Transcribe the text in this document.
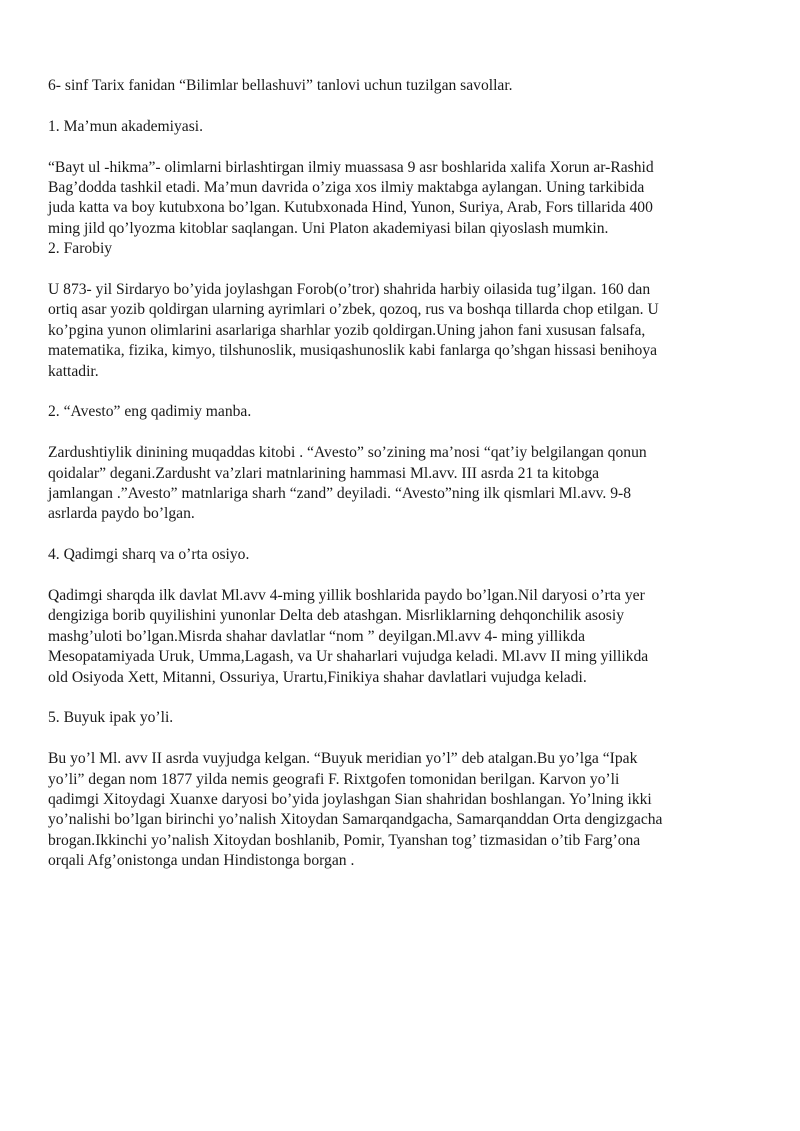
6- sinf Tarix fanidan “Bilimlar bellashuvi” tanlovi uchun tuzilgan savollar.

1. Ma’mun akademiyasi.

“Bayt ul -hikma”- olimlarni birlashtirgan ilmiy muassasa 9 asr boshlarida xalifa Xorun ar-Rashid
Bag’dodda tashkil etadi. Ma’mun davrida o’ziga xos ilmiy maktabga aylangan. Uning tarkibida
juda katta va boy kutubxona bo’lgan. Kutubxonada Hind, Yunon, Suriya, Arab, Fors tillarida 400
ming jild qo’lyozma kitoblar saqlangan. Uni Platon akademiyasi bilan qiyoslash mumkin.

2. Farobiy

U 873- yil Sirdaryo bo’yida joylashgan Forob(o’tror) shahrida harbiy oilasida tug’ilgan. 160 dan
ortiq asar yozib qoldirgan ularning ayrimlari o’zbek, qozoq, rus va boshqa tillarda chop etilgan. U
ko’pgina yunon olimlarini asarlariga sharhlar yozib qoldirgan.Uning jahon fani xususan falsafa,
matematika, fizika, kimyo, tilshunoslik, musiqashunoslik kabi fanlarga qo’shgan hissasi benihoya
kattadir.

2. “Avesto” eng qadimiy manba.

Zardushtiylik dinining muqaddas kitobi . “Avesto” so’zining ma’nosi “qat’iy belgilangan qonun
qoidalar” degani.Zardusht va’zlari matnlarining hammasi Ml.avv. III asrda 21 ta kitobga
jamlangan .”Avesto” matnlariga sharh “zand” deyiladi. “Avesto”ning ilk qismlari Ml.avv. 9-8
asrlarda paydo bo’lgan.

4. Qadimgi sharq va o’rta osiyo.

Qadimgi sharqda ilk davlat Ml.avv 4-ming yillik boshlarida paydo bo’lgan.Nil daryosi o’rta yer
dengiziga borib quyilishini yunonlar Delta deb atashgan. Misrliklarning dehqonchilik asosiy
mashg’uloti bo’lgan.Misrda shahar davlatlar “nom ” deyilgan.Ml.avv 4- ming yillikda
Mesopatamiyada Uruk, Umma,Lagash, va Ur shaharlari vujudga keladi. Ml.avv II ming yillikda
old Osiyoda Xett, Mitanni, Ossuriya, Urartu,Finikiya shahar davlatlari vujudga keladi.

5. Buyuk ipak yo’li.

Bu yo’l Ml. avv II asrda vuyjudga kelgan. “Buyuk meridian yo’l” deb atalgan.Bu yo’lga “Ipak
yo’li” degan nom 1877 yilda nemis geografi F. Rixtgofen tomonidan berilgan. Karvon yo’li
qadimgi Xitoydagi Xuanxe daryosi bo’yida joylashgan Sian shahridan boshlangan. Yo’lning ikki
yo’nalishi bo’lgan birinchi yo’nalish Xitoydan Samarqandgacha, Samarqanddan Orta dengizgacha
brogan.Ikkinchi yo’nalish Xitoydan boshlanib, Pomir, Tyanshan tog’ tizmasidan o’tib Farg’ona
orqali Afg’onistonga undan Hindistonga borgan .
